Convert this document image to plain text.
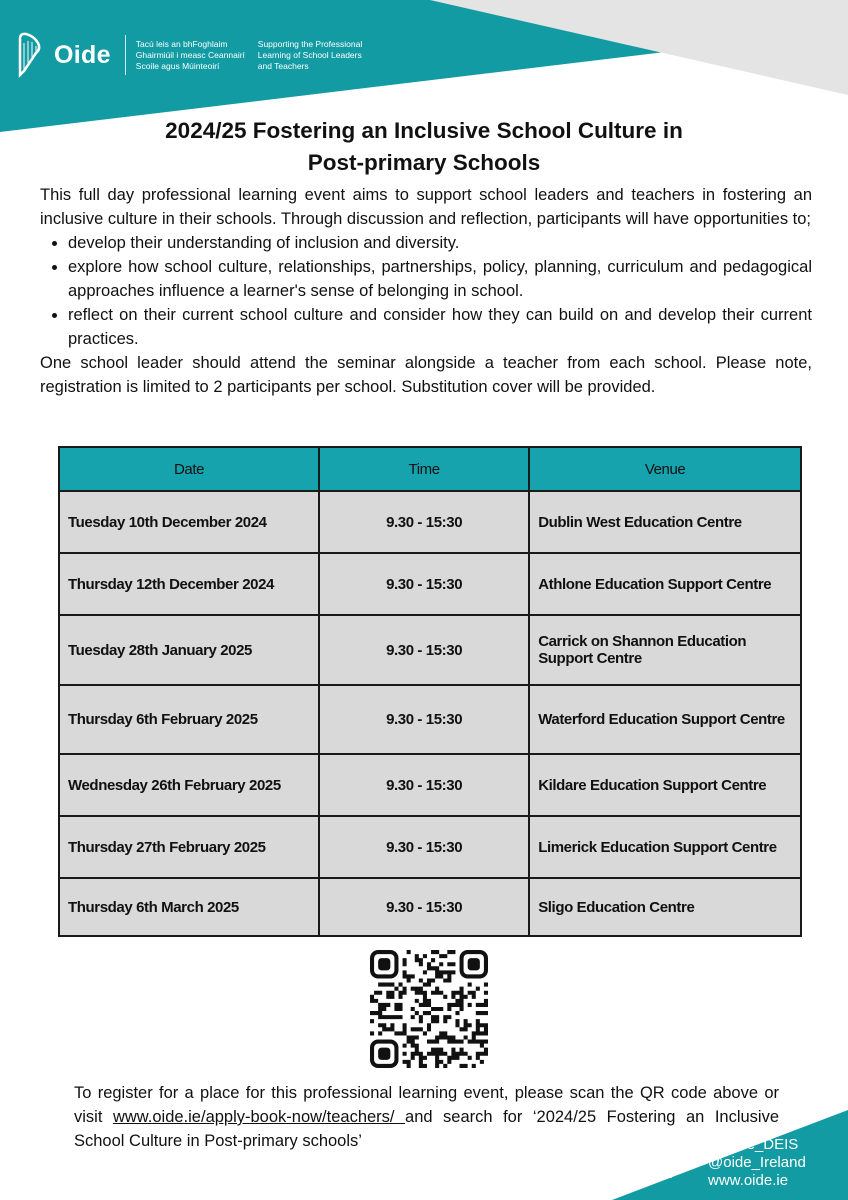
Oide	Tacú leis an bhFoghlaim
Ghairmiúil i measc Ceannairí
Scoile agus Múinteoirí
Supporting the Professional
Learning of School Leaders
and Teachers
2024/25 Fostering an Inclusive School Culture in
Post-primary Schools

This full day professional learning event aims to support school leaders and teachers in fostering an inclusive culture in their schools. Through discussion and reflection, participants will have opportunities to;

• develop their understanding of inclusion and diversity.
• explore how school culture, relationships, partnerships, policy, planning, curriculum and pedagogical approaches influence a learner's sense of belonging in school.
• reflect on their current school culture and consider how they can build on and develop their current practices.

One school leader should attend the seminar alongside a teacher from each school. Please note, registration is limited to 2 participants per school. Substitution cover will be provided.

Date	Time	Venue
Tuesday 10th December 2024	9.30 - 15:30	Dublin West Education Centre
Thursday 12th December 2024	9.30 - 15:30	Athlone Education Support Centre
Tuesday 28th January 2025	9.30 - 15:30	Carrick on Shannon Education Support Centre
Thursday 6th February 2025	9.30 - 15:30	Waterford Education Support Centre
Wednesday 26th February 2025	9.30 - 15:30	Kildare Education Support Centre
Thursday 27th February 2025	9.30 - 15:30	Limerick Education Support Centre
Thursday 6th March 2025	9.30 - 15:30	Sligo Education Centre
To register for a place for this professional learning event, please scan the QR code above or visit www.oide.ie/apply-book-now/teachers/ and search for ‘2024/25 Fostering an Inclusive School Culture in Post-primary schools’	@Oide_DEIS
@oide_Ireland
www.oide.ie
